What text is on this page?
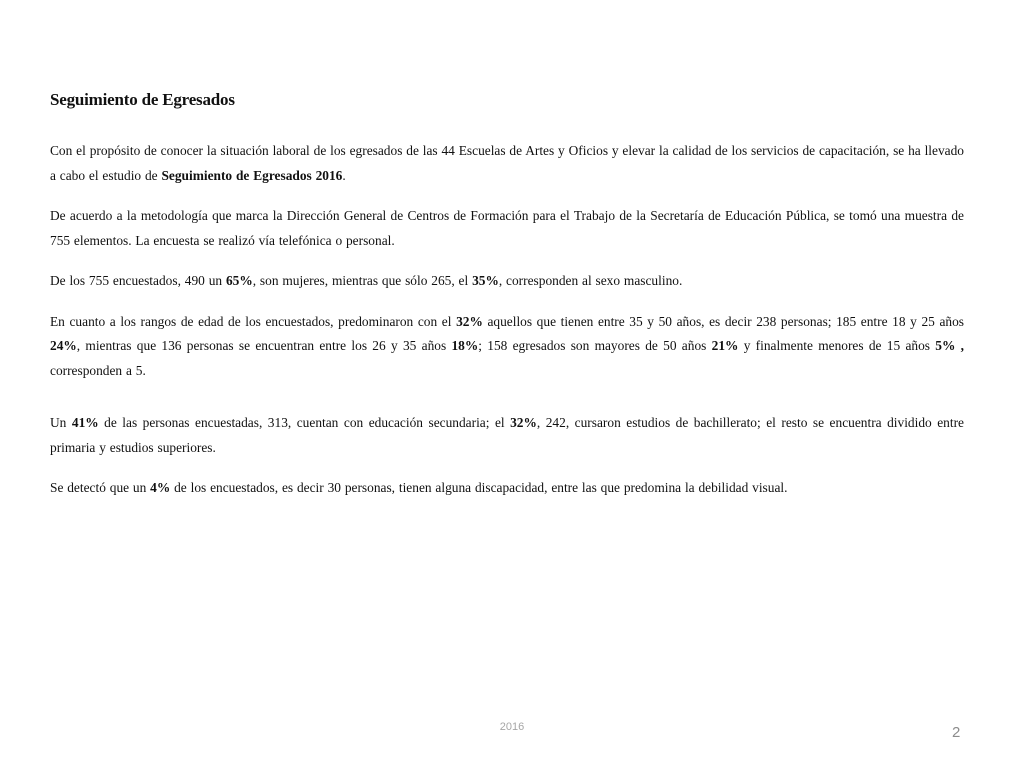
Seguimiento de Egresados

Con el propósito de conocer la situación laboral de los egresados de las 44 Escuelas de Artes y Oficios y elevar la calidad de los servicios de capacitación, se ha llevado a cabo el estudio de Seguimiento de Egresados 2016.

De acuerdo a la metodología que marca la Dirección General de Centros de Formación para el Trabajo de la Secretaría de Educación Pública, se tomó una muestra de 755 elementos. La encuesta se realizó vía telefónica o personal.

De los 755 encuestados, 490 un 65%, son mujeres, mientras que sólo 265, el 35%, corresponden al sexo masculino.

En cuanto a los rangos de edad de los encuestados, predominaron con el 32% aquellos que tienen entre 35 y 50 años, es decir 238 personas; 185 entre 18 y 25 años 24%, mientras que 136 personas se encuentran entre los 26 y 35 años 18%; 158 egresados son mayores de 50 años 21% y finalmente menores de 15 años 5% , corresponden a 5.

Un 41% de las personas encuestadas, 313, cuentan con educación secundaria; el 32%, 242, cursaron estudios de bachillerato; el resto se encuentra dividido entre primaria y estudios superiores.

Se detectó que un 4% de los encuestados, es decir 30 personas, tienen alguna discapacidad, entre las que predomina la debilidad visual.

2016	2
